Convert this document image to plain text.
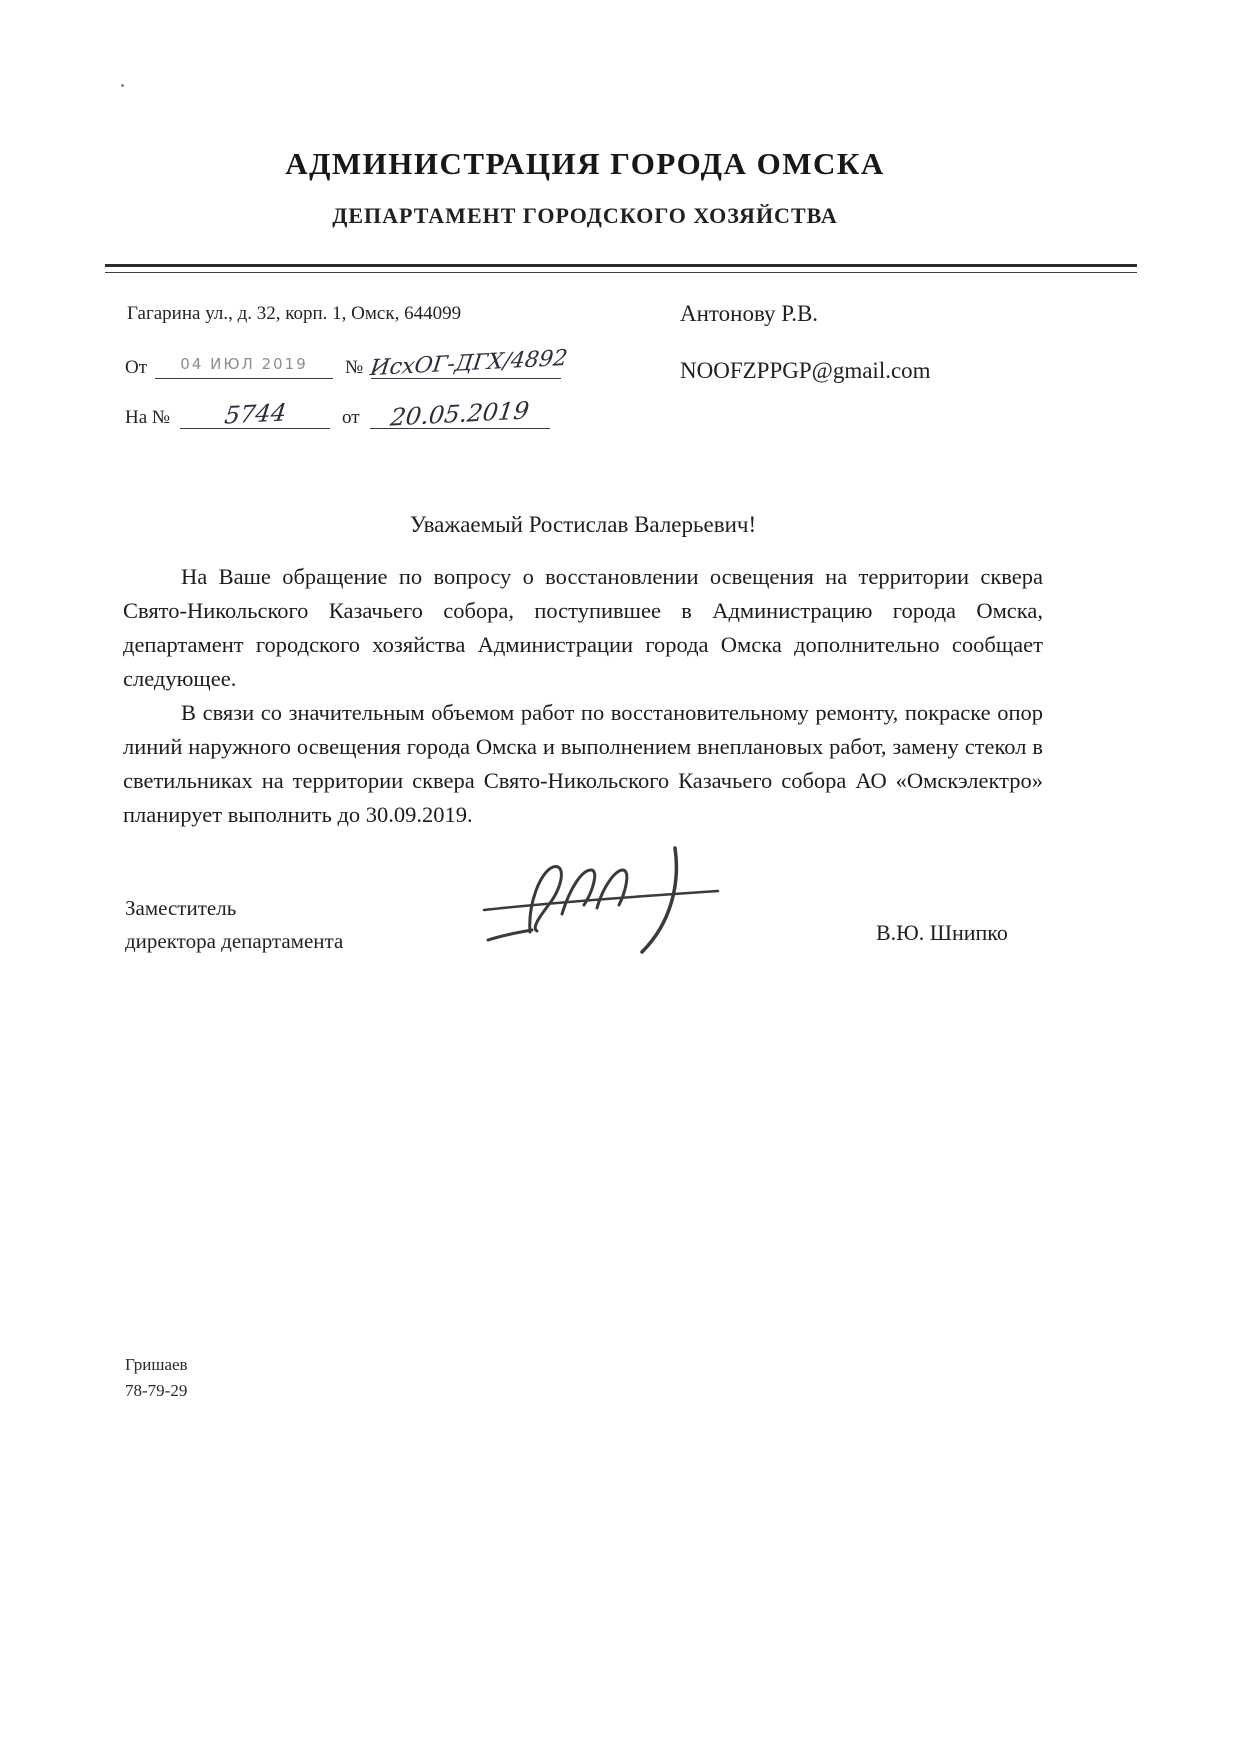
АДМИНИСТРАЦИЯ ГОРОДА ОМСКА
ДЕПАРТАМЕНТ ГОРОДСКОГО ХОЗЯЙСТВА
Гагарина ул., д. 32, корп. 1, Омск, 644099
От 04 ИЮЛ 2019 № ИсхОГ-ДГХ/4892
На № 5744	от 20.05.2019
Антонову Р.В.
NOOFZPPGP@gmail.com
Уважаемый Ростислав Валерьевич!

На Ваше обращение по вопросу о восстановлении освещения на территории сквера Свято-Никольского Казачьего собора, поступившее в Администрацию города Омска, департамент городского хозяйства Администрации города Омска дополнительно сообщает следующее.

В связи со значительным объемом работ по восстановительному ремонту, покраске опор линий наружного освещения города Омска и выполнением внеплановых работ, замену стекол в светильниках на территории сквера Свято-Никольского Казачьего собора АО «Омскэлектро» планирует выполнить до 30.09.2019.

Заместитель
директора департамента	В.Ю. Шнипко
Гришаев
78-79-29
